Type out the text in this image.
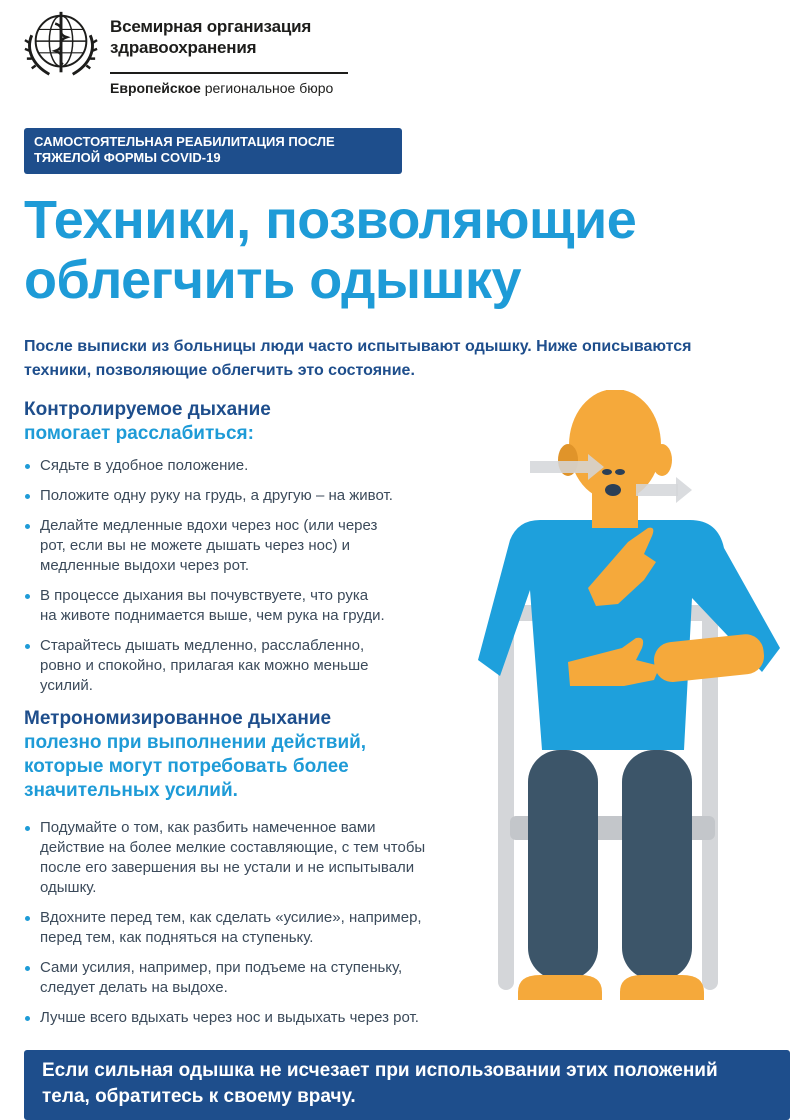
Всемирная организация
здравоохранения
Европейское региональное бюро
САМОСТОЯТЕЛЬНАЯ РЕАБИЛИТАЦИЯ ПОСЛЕ
ТЯЖЕЛОЙ ФОРМЫ COVID-19
Техники, позволяющие
облегчить одышку

После выписки из больницы люди часто испытывают одышку. Ниже описываются
техники, позволяющие облегчить это состояние.

Контролируемое дыхание
помогает расслабиться:
Сядьте в удобное положение.
Положите одну руку на грудь, а другую – на живот.
Делайте медленные вдохи через нос (или через
рот, если вы не можете дышать через нос) и
медленные выдохи через рот.
В процессе дыхания вы почувствуете, что рука
на животе поднимается выше, чем рука на груди.
Старайтесь дышать медленно, расслабленно,
ровно и спокойно, прилагая как можно меньше
усилий.
Метрономизированное дыхание
полезно при выполнении действий,
которые могут потребовать более
значительных усилий.
Подумайте о том, как разбить намеченное вами
действие на более мелкие составляющие, с тем чтобы
после его завершения вы не устали и не испытывали
одышку.
Вдохните перед тем, как сделать «усилие», например,
перед тем, как подняться на ступеньку.
Сами усилия, например, при подъеме на ступеньку,
следует делать на выдохе.
Лучше всего вдыхать через нос и выдыхать через рот.
Если сильная одышка не исчезает при использовании этих положений
тела, обратитесь к своему врачу.
